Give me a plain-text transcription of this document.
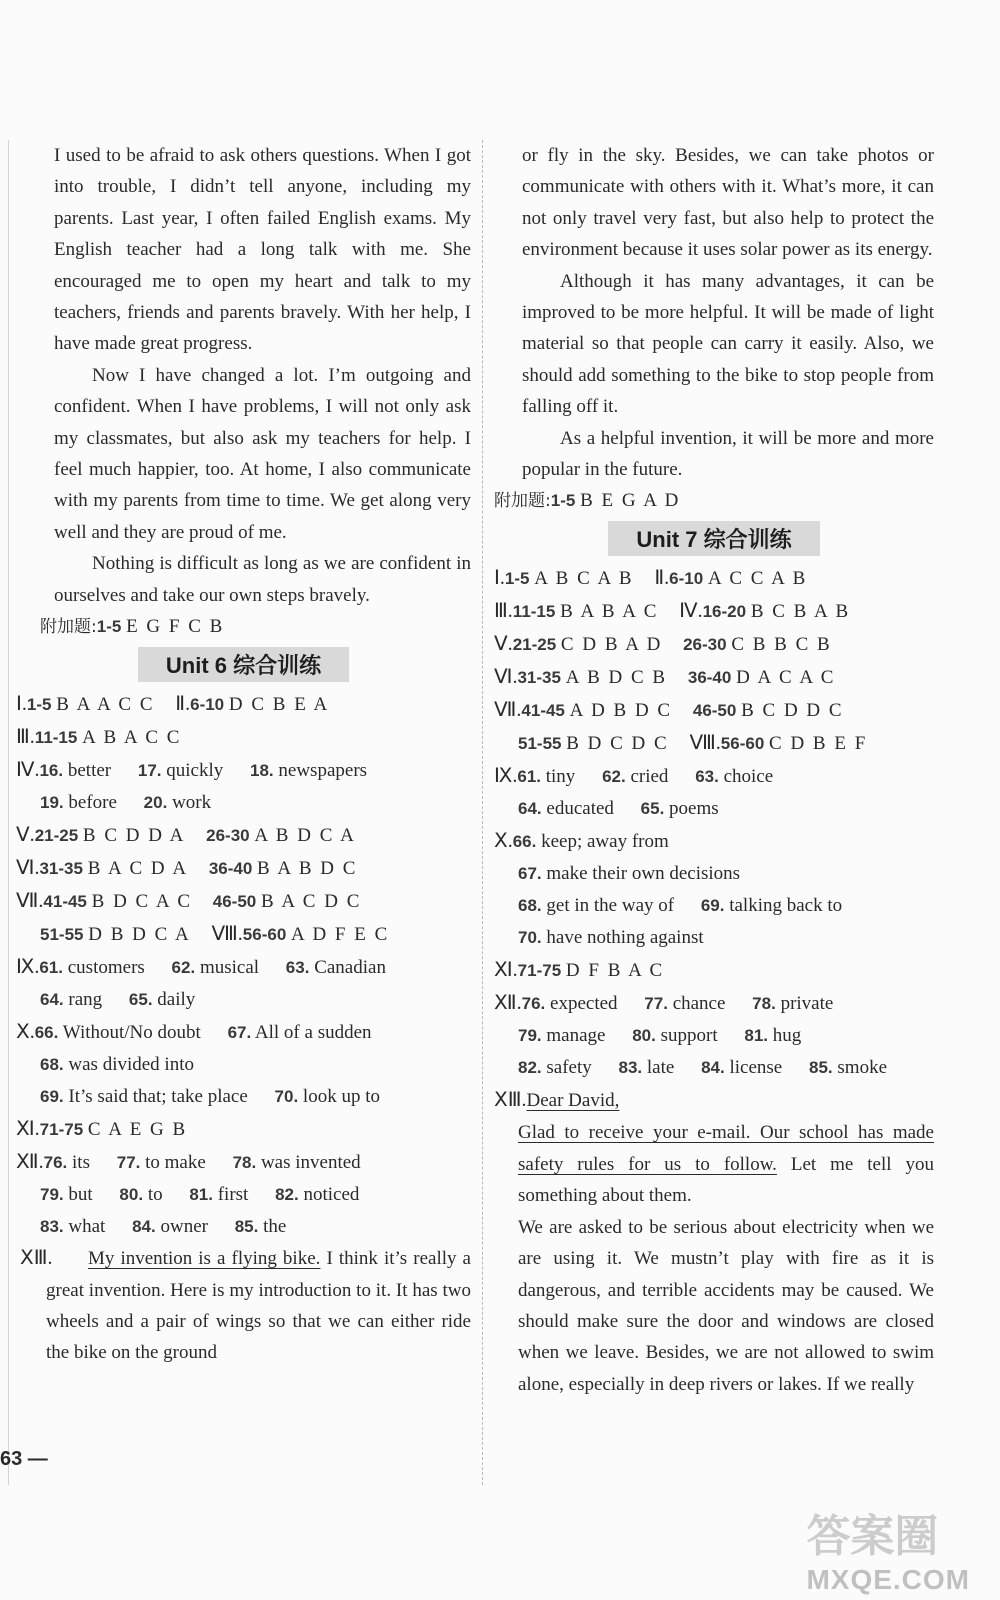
I used to be afraid to ask others questions. When I got into trouble, I didn’t tell anyone, including my parents. Last year, I often failed English exams. My English teacher had a long talk with me. She encouraged me to open my heart and talk to my teachers, friends and parents bravely. With her help, I have made great progress.

Now I have changed a lot. I’m outgoing and confident. When I have problems, I will not only ask my classmates, but also ask my teachers for help. I feel much happier, too. At home, I also communicate with my parents from time to time. We get along very well and they are proud of me.

Nothing is difficult as long as we are confident in ourselves and take our own steps bravely.

附加题:1-5 E G F C B
Unit 6 综合训练
Ⅰ.1-5 B A A C C Ⅱ.6-10 D C B E A
Ⅲ.11-15 A B A C C
Ⅳ.16. better 17. quickly 18. newspapers
19. before 20. work
Ⅴ.21-25 B C D D A 26-30 A B D C A
Ⅵ.31-35 B A C D A 36-40 B A B D C
Ⅶ.41-45 B D C A C 46-50 B A C D C
51-55 D B D C A Ⅷ.56-60 A D F E C
Ⅸ.61. customers 62. musical 63. Canadian
64. rang 65. daily
Ⅹ.66. Without/No doubt 67. All of a sudden
68. was divided into
69. It’s said that; take place 70. look up to
Ⅺ.71-75 C A E G B
Ⅻ.76. its 77. to make 78. was invented
79. but 80. to 81. first 82. noticed
83. what 84. owner 85. the
ⅩⅢ.	My invention is a flying bike. I think it’s really a great invention. Here is my introduction to it. It has two wheels and a pair of wings so that we can either ride the bike on the ground

or fly in the sky. Besides, we can take photos or communicate with others with it. What’s more, it can not only travel very fast, but also help to protect the environment because it uses solar power as its energy.

Although it has many advantages, it can be improved to be more helpful. It will be made of light material so that people can carry it easily. Also, we should add something to the bike to stop people from falling off it.

As a helpful invention, it will be more and more popular in the future.

附加题:1-5 B E G A D
Unit 7 综合训练
Ⅰ.1-5 A B C A B Ⅱ.6-10 A C C A B
Ⅲ.11-15 B A B A C Ⅳ.16-20 B C B A B
Ⅴ.21-25 C D B A D 26-30 C B B C B
Ⅵ.31-35 A B D C B 36-40 D A C A C
Ⅶ.41-45 A D B D C 46-50 B C D D C
51-55 B D C D C Ⅷ.56-60 C D B E F
Ⅸ.61. tiny 62. cried 63. choice
64. educated 65. poems
Ⅹ.66. keep; away from
67. make their own decisions
68. get in the way of 69. talking back to
70. have nothing against
Ⅺ.71-75 D F B A C
Ⅻ.76. expected 77. chance 78. private
79. manage 80. support 81. hug
82. safety 83. late 84. license 85. smoke
ⅩⅢ.Dear David,

Glad to receive your e-mail. Our school has made safety rules for us to follow. Let me tell you something about them.

We are asked to be serious about electricity when we are using it. We mustn’t play with fire as it is dangerous, and terrible accidents may be caused. We should make sure the door and windows are closed when we leave. Besides, we are not allowed to swim alone, especially in deep rivers or lakes. If we really

63 —
答案圈
MXQE.COM
